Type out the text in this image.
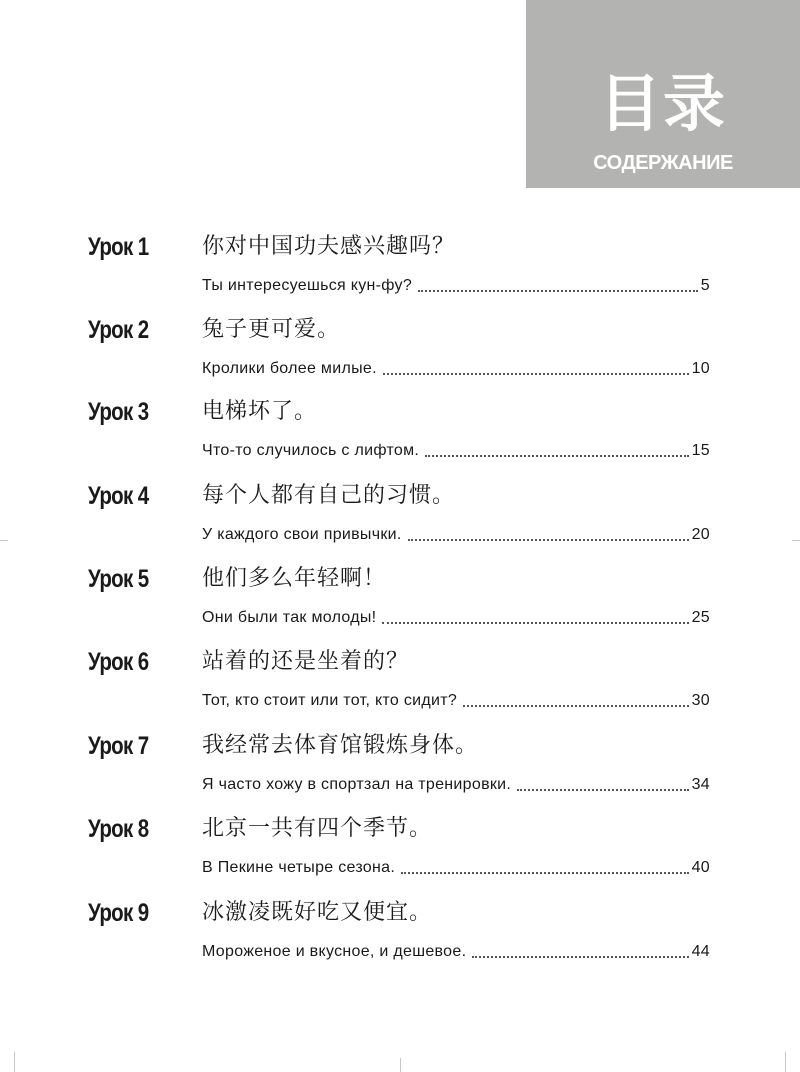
目录
СОДЕРЖАНИЕ
Урок 1 你对中国功夫感兴趣吗？
Ты интересуешься кун-фу?	5
Урок 2 兔子更可爱。
Кролики более милые.	10
Урок 3 电梯坏了。
Что-то случилось с лифтом.	15
Урок 4 每个人都有自己的习惯。
У каждого свои привычки.	20
Урок 5 他们多么年轻啊！
Они были так молоды!	25
Урок 6 站着的还是坐着的？
Тот, кто стоит или тот, кто сидит?	30
Урок 7 我经常去体育馆锻炼身体。
Я часто хожу в спортзал на тренировки.	34
Урок 8 北京一共有四个季节。
В Пекине четыре сезона.	40
Урок 9 冰激凌既好吃又便宜。
Мороженое и вкусное, и дешевое.	44
